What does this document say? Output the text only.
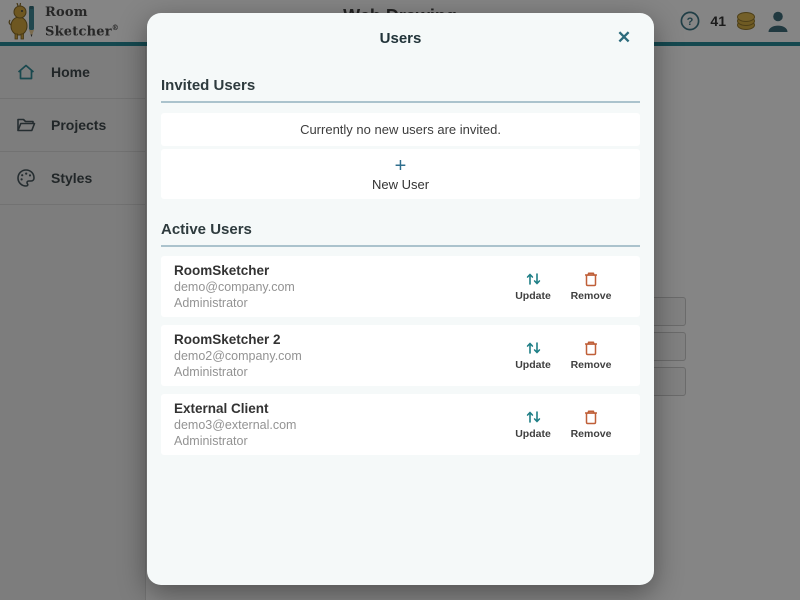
Users	✕
Invited Users
Currently no new users are invited.
+
New User
Active Users
RoomSketcher
demo@company.com
Administrator	Update Remove
RoomSketcher 2
demo2@company.com
Administrator	Update Remove
External Client
demo3@external.com
Administrator	Update Remove
